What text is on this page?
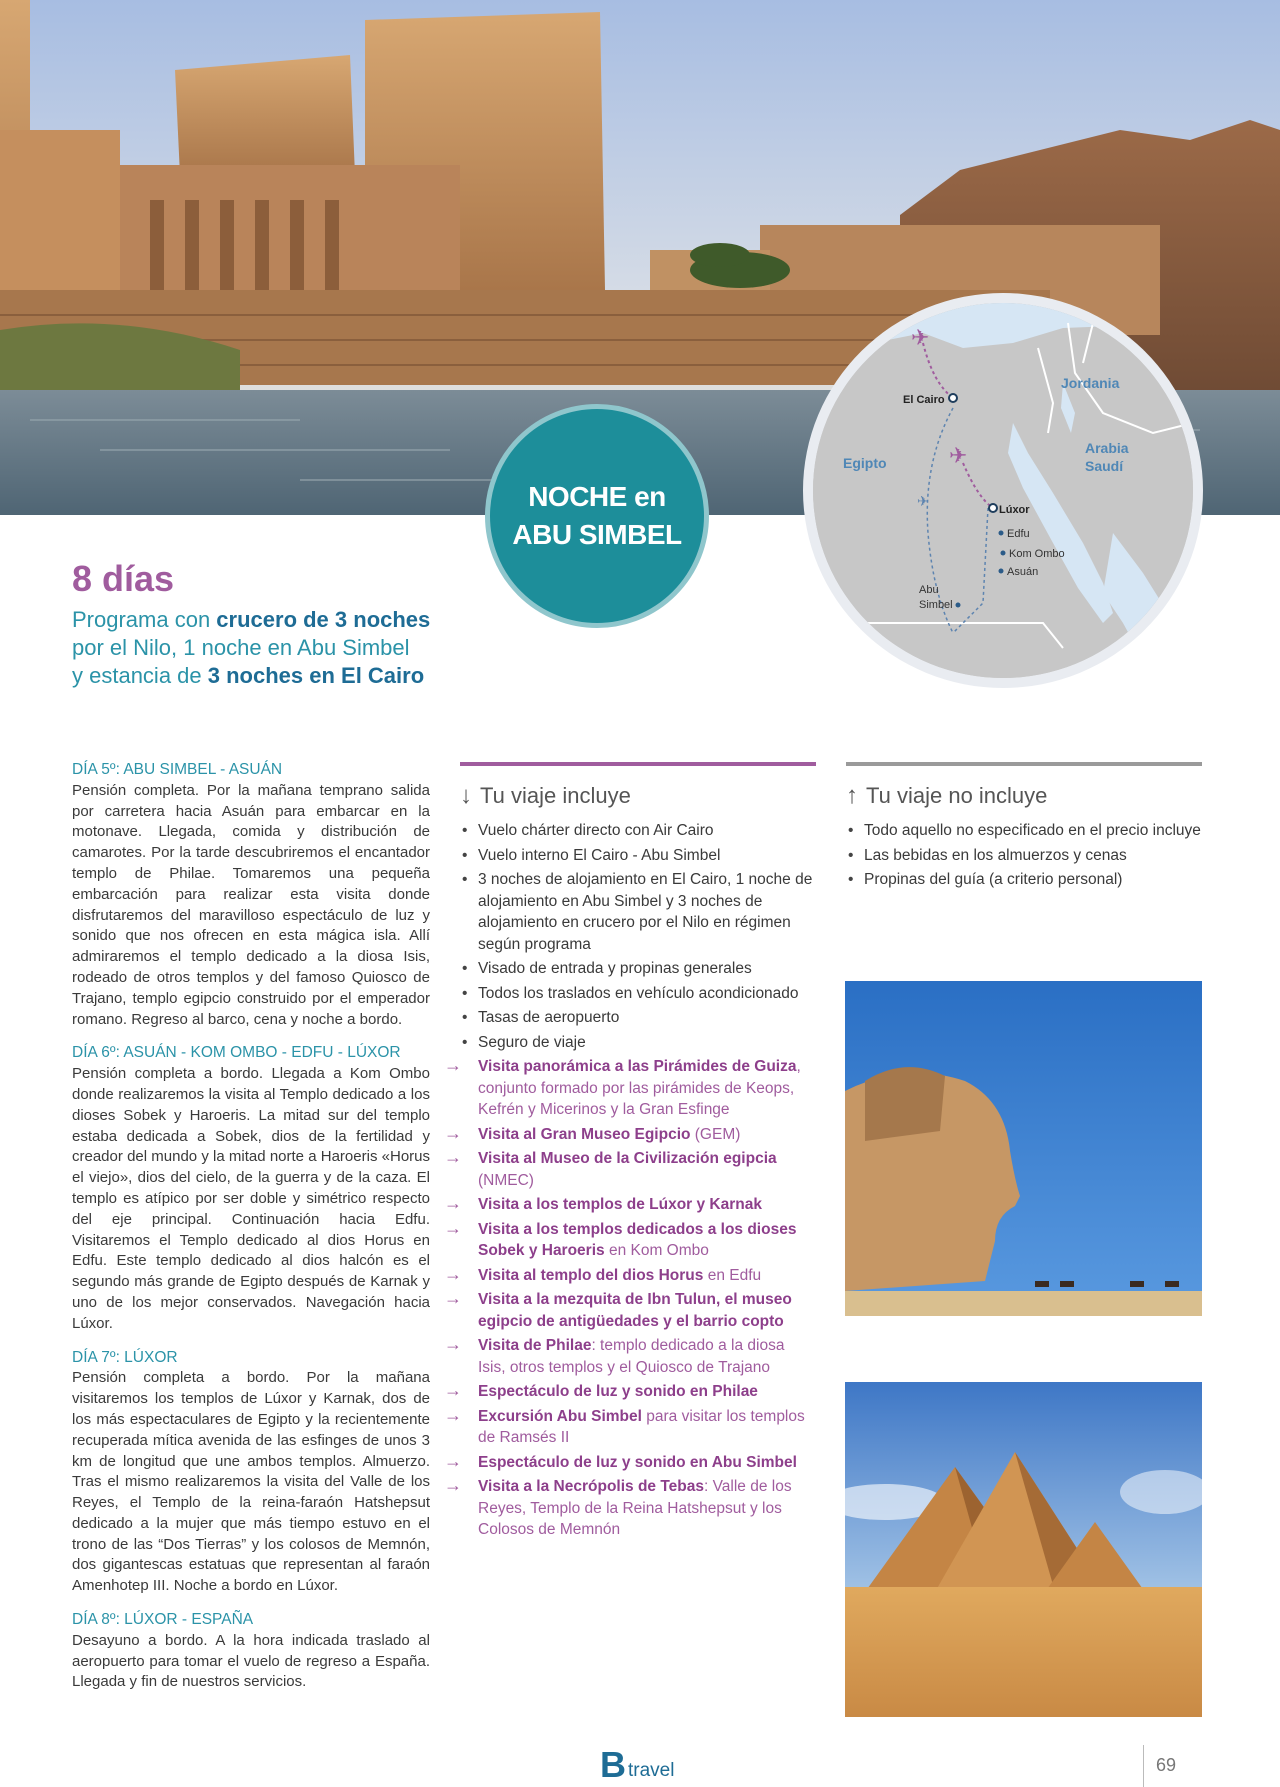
NOCHE en
ABU SIMBEL
✈
✈
✈
El Cairo
Lúxor
Edfu
Kom Ombo
Asuán
Abu
Simbel
Egipto
Jordania
Arabia
Saudí
8 días
Programa con crucero de 3 noches
por el Nilo, 1 noche en Abu Simbel
y estancia de 3 noches en El Cairo
DÍA 5º: ABU SIMBEL - ASUÁN
Pensión completa. Por la mañana temprano salida por carretera hacia Asuán para embarcar en la motonave. Llegada, comida y distribución de camarotes. Por la tarde descubriremos el encantador templo de Philae. Tomaremos una pequeña embarcación para realizar esta visita donde disfrutaremos del maravilloso espectáculo de luz y sonido que nos ofrecen en esta mágica isla. Allí admiraremos el templo dedicado a la diosa Isis, rodeado de otros templos y del famoso Quiosco de Trajano, templo egipcio construido por el emperador romano. Regreso al barco, cena y noche a bordo.
DÍA 6º: ASUÁN - KOM OMBO - EDFU - LÚXOR
Pensión completa a bordo. Llegada a Kom Ombo donde realizaremos la visita al Templo dedicado a los dioses Sobek y Haroeris. La mitad sur del templo estaba dedicada a Sobek, dios de la fertilidad y creador del mundo y la mitad norte a Haroeris «Horus el viejo», dios del cielo, de la guerra y de la caza. El templo es atípico por ser doble y simétrico respecto del eje principal. Continuación hacia Edfu. Visitaremos el Templo dedicado al dios Horus en Edfu. Este templo dedicado al dios halcón es el segundo más grande de Egipto después de Karnak y uno de los mejor conservados. Navegación hacia Lúxor.
DÍA 7º: LÚXOR
Pensión completa a bordo. Por la mañana visitaremos los templos de Lúxor y Karnak, dos de los más espectaculares de Egipto y la recientemente recuperada mítica avenida de las esfinges de unos 3 km de longitud que une ambos templos. Almuerzo. Tras el mismo realizaremos la visita del Valle de los Reyes, el Templo de la reina-faraón Hatshepsut dedicado a la mujer que más tiempo estuvo en el trono de las “Dos Tierras” y los colosos de Memnón, dos gigantescas estatuas que representan al faraón Amenhotep III. Noche a bordo en Lúxor.
DÍA 8º: LÚXOR - ESPAÑA
Desayuno a bordo. A la hora indicada traslado al aeropuerto para tomar el vuelo de regreso a España. Llegada y fin de nuestros servicios.
↓ Tu viaje incluye
• Vuelo chárter directo con Air Cairo
• Vuelo interno El Cairo - Abu Simbel
• 3 noches de alojamiento en El Cairo, 1 noche de alojamiento en Abu Simbel y 3 noches de alojamiento en crucero por el Nilo en régimen según programa
• Visado de entrada y propinas generales
• Todos los traslados en vehículo acondicionado
• Tasas de aeropuerto
• Seguro de viaje
→ Visita panorámica a las Pirámides de Guiza, conjunto formado por las pirámides de Keops, Kefrén y Micerinos y la Gran Esfinge
→ Visita al Gran Museo Egipcio (GEM)
→ Visita al Museo de la Civilización egipcia (NMEC)
→ Visita a los templos de Lúxor y Karnak
→ Visita a los templos dedicados a los dioses Sobek y Haroeris en Kom Ombo
→ Visita al templo del dios Horus en Edfu
→ Visita a la mezquita de Ibn Tulun, el museo egipcio de antigüedades y el barrio copto
→ Visita de Philae: templo dedicado a la diosa Isis, otros templos y el Quiosco de Trajano
→ Espectáculo de luz y sonido en Philae
→ Excursión Abu Simbel para visitar los templos de Ramsés II
→ Espectáculo de luz y sonido en Abu Simbel
→ Visita a la Necrópolis de Tebas: Valle de los Reyes, Templo de la Reina Hatshepsut y los Colosos de Memnón
↑ Tu viaje no incluye
• Todo aquello no especificado en el precio incluye
• Las bebidas en los almuerzos y cenas
• Propinas del guía (a criterio personal)
B travel	69
